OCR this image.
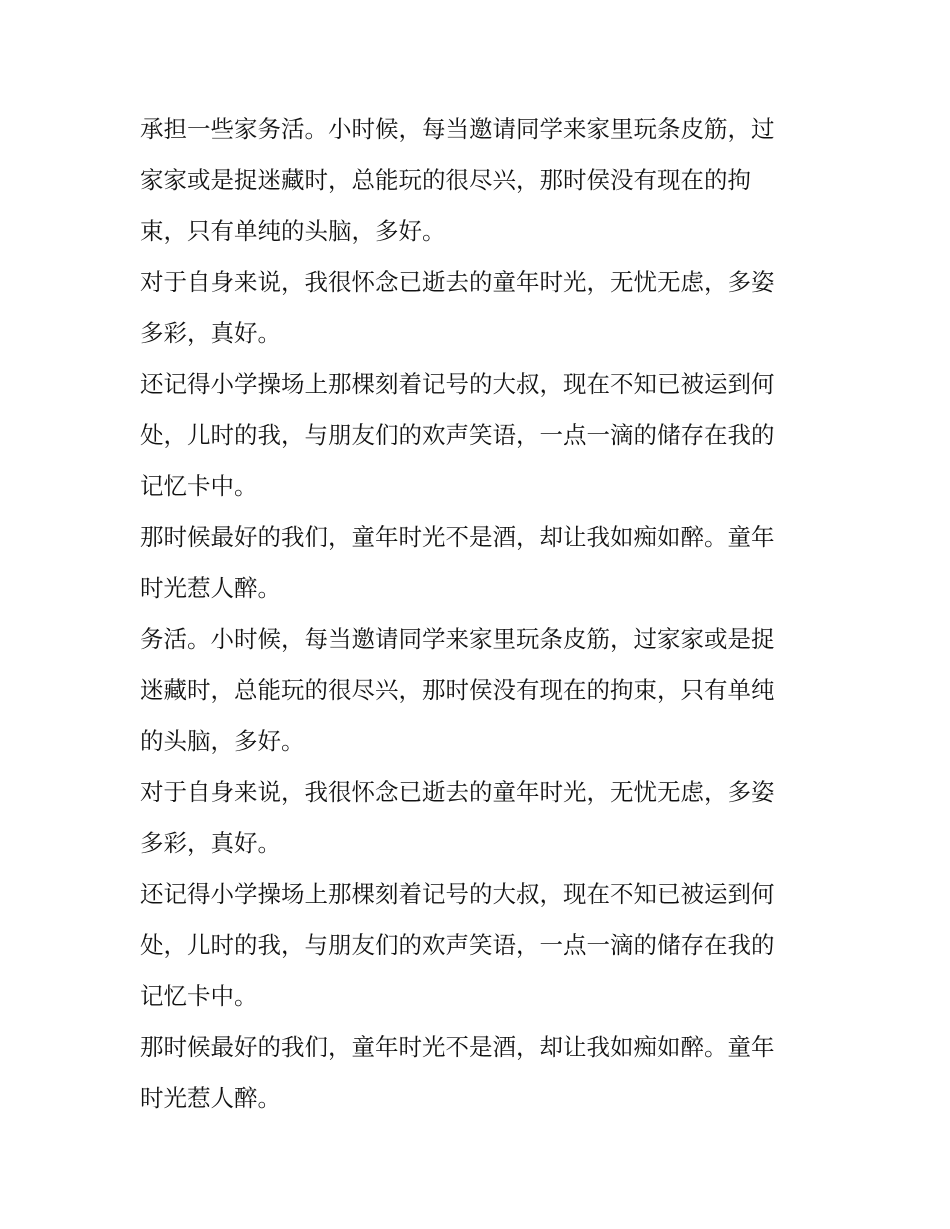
承担一些家务活。小时候，每当邀请同学来家里玩条皮筋，过
家家或是捉迷藏时，总能玩的很尽兴，那时侯没有现在的拘
束，只有单纯的头脑，多好。
对于自身来说，我很怀念已逝去的童年时光，无忧无虑，多姿
多彩，真好。
还记得小学操场上那棵刻着记号的大叔，现在不知已被运到何
处，儿时的我，与朋友们的欢声笑语，一点一滴的储存在我的
记忆卡中。
那时候最好的我们，童年时光不是酒，却让我如痴如醉。童年
时光惹人醉。
务活。小时候，每当邀请同学来家里玩条皮筋，过家家或是捉
迷藏时，总能玩的很尽兴，那时侯没有现在的拘束，只有单纯
的头脑，多好。
对于自身来说，我很怀念已逝去的童年时光，无忧无虑，多姿
多彩，真好。
还记得小学操场上那棵刻着记号的大叔，现在不知已被运到何
处，儿时的我，与朋友们的欢声笑语，一点一滴的储存在我的
记忆卡中。
那时候最好的我们，童年时光不是酒，却让我如痴如醉。童年
时光惹人醉。
